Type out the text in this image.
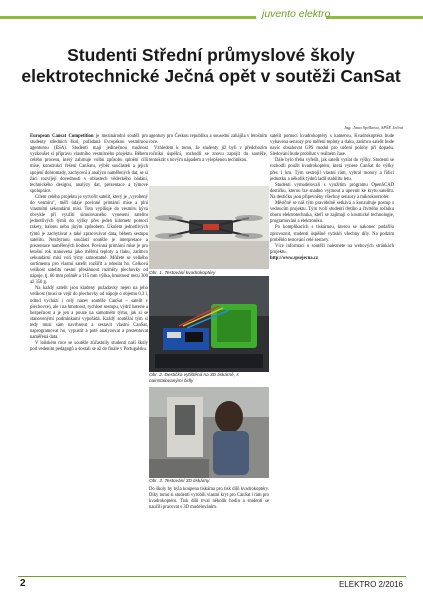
juvento elektro
Studenti Střední průmyslové školy elektrotechnické Ječná opět v soutěži CanSat
Ing. Jana Spilková, SPŠE Ječná

European Cansat Competition je mezinárodní soutěž pro studenty středních škol, pořádaná Evropskou vesmírnou agenturou (ESA). Studenti mají jedinečnou možnost vyzkoušet si přípravu vlastního vesmírného projektu. Během celého procesu, který zahrnuje volbu způsobu splnění cílů mise, konstrukci řešení CanSatu, výběr součástek a jejich spojení dohromady, zachycení a analýzu naměřených dat, se si žáci rozvíjejí dovednosti v oblastech vědeckého bádání, technického designu, analýzy dat, prezentace a týmové spolupráce.

Cílem celého projektu je vytvořit satelit, který je „vyrobený do vesmíru", měří údaje povinné primární mise a plní vlastními sekundární misi. Toto vyplňuje do vesmíru bývá obvykle při využití simulovaného vynesení satelitu jednotlivých týmů do výšky přes jeden kilometr pomocí rakety, balonu nebo jiným způsobem. Úkolem jednotlivých týmů je zachytávat a také zpracovávat data, během sestupu satelitu. Nezbytnou součástí soutěže je interpretace a prezentace naměřených hodnot. Povinná primární mise je pro letošní rok stanovena jako měření teploty a tlaku, zatímco sekundární misi volí týmy samostatně. Můžete se velkého sortimentu pro vlastní satelit rozšířit a odeslat ho. Celková velikost satelitu nesmí přesáhnout rozměry plechovky od nápoje, tj. 66 mm průměr a 115 mm výška, hmotnost mezi 300 až 350 g.

Na každý satelit jsou kladeny požadavky nejen na jeho velikost (musí se vejít do plechovky od nápoje o objemu 0,3 l, odtud vychází i celý název soutěže CanSat – satelit v plechovce), ale i na hmotnost, rychlost sestupu, výdrž baterie a bezpečnost a je jen a pouze na samotném týmu, jak si se stanovenými podmínkami vypořádá. Každý soutěžní tým si tedy musí sám navrhnout a sestavit vlastní CanSat, naprogramovat ho, vypustit a poté analyzovat a prezentovat naměřená data.

V loňském roce se soutěže zúčastnily studenti naší školy pod vedením pedagogů a dostali se až do finále v Portugalsku.

agentury pro Českou republiku a sousední zahájila v letošním roce.

Vzhledem k tomu, že studenty již byli v předchozím ročníku úspěšní, rozhodli se znovu zapojit do soutěže, tentokrát s novým nápadem a vylepšenou technikou.

Obr. 1. Testování kvadrokoptéry
Obr. 2. Destička vytištěná na 3D tiskárně, s nainstalovanými čidly
Obr. 3. Testování 3D tiskárny
Do školy by byla koupena tiskárna pro tisk dílů kvadrokoptéry. Díky tomu si studenti vyrobili vlastní kryt pro CanSat i rám pro kvadrokoptéru. Tisk dílů trval několik hodin a studenti se naučili pracovat s 3D modelováním.

satelit pomocí kvadrokoptéry s kamerou. Kvadrokoptéra bude vybavena senzory pro měření teploty a tlaku, zatímco satelit bude navíc obsahovat GPS modul pro určení polohy při dopadu. Sledování bude probíhat v reálném čase.

Dále bylo třeba vyřešit, jak satelit vyslat do výšky. Studenti se rozhodli použít kvadrokoptéru, která vynese CanSat do výšky přes 1 km. Tým sestrojil vlastní rám, vybral motory a řídicí jednotku a několik týdnů ladil stabilitu letu.

Studenti vymodelovali s využitím programu OpenSCAD destičku, kterou lze snadno vyjmout a upevnit ke krytu satelitu. Na destičku jsou připevněny všechny senzory a mikrokontrolér.

Měsíčně se náš tým pravidelně setkává a konzultuje postup s vedoucím projektu. Tým tvoří studenti třetího a čtvrtého ročníku oboru elektrotechnika, kteří se zajímají o kosmické technologie, programování a elektroniku.

Po komplikacích s tiskárnou, kterou se nakonec podařilo zprovoznit, studenti úspěšně vytiskli všechny díly. Na podzim proběhlo testování celé sestavy.

Více informací o soutěži naleznete na webových stránkách projektu.

http://www.spsejecna.cz

2	ELEKTRO 2/2016
